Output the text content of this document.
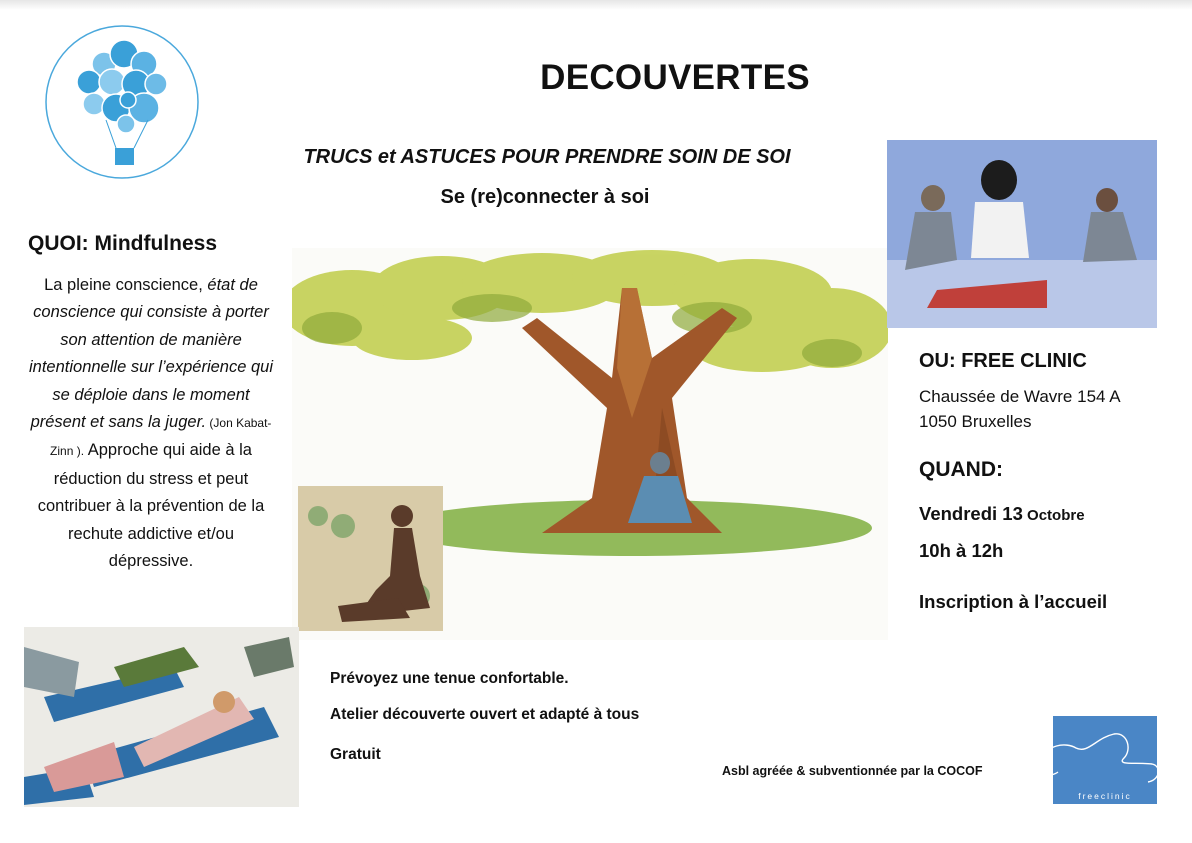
DECOUVERTES
TRUCS et ASTUCES POUR PRENDRE SOIN DE SOI
Se (re)connecter à soi
QUOI: Mindfulness
La pleine conscience, état de conscience qui consiste à porter son attention de manière intentionnelle sur l’expérience qui se déploie dans le moment présent et sans la juger. (Jon Kabat-Zinn ). Approche qui aide à la réduction du stress et peut contribuer à la prévention de la rechute addictive et/ou dépressive.
OU: FREE CLINIC
Chaussée de Wavre 154 A
1050 Bruxelles
QUAND:
Vendredi 13 Octobre
10h à 12h
Inscription à l’accueil
Prévoyez une tenue confortable.
Atelier découverte ouvert et adapté à tous
Gratuit
Asbl agréée & subventionnée par la COCOF
freeclinic
